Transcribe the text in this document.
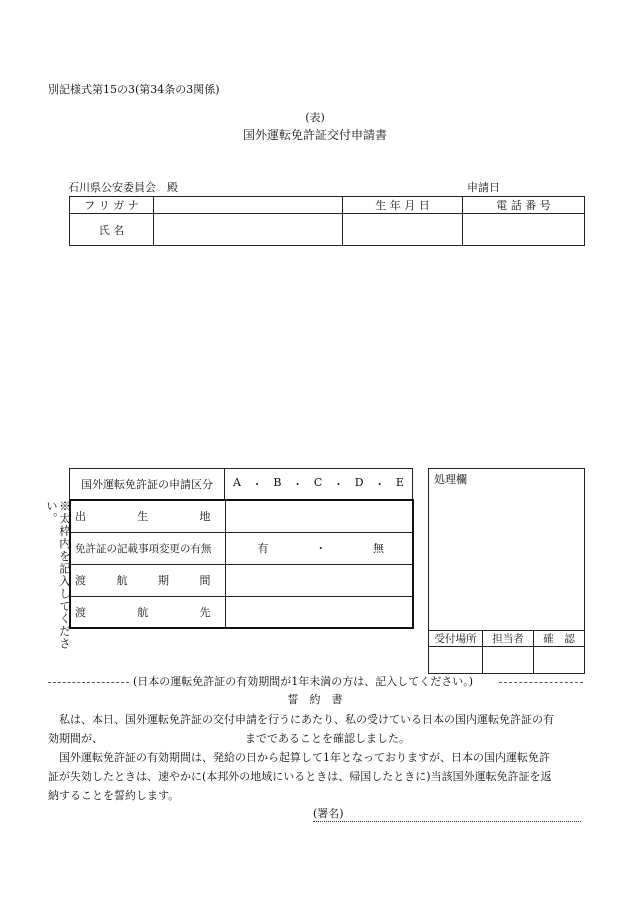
別記様式第15の3(第34条の3関係)
(表)
国外運転免許証交付申請書
石川県公安委員会　殿	申請日
フ リ ガ ナ		生 年 月 日	電 話 番 号
氏 名			
※太枠内を記入してください。
国外運転免許証の申請区分	A ・ B ・ C ・ D ・ E
出 生 地	

免許証の記載事項変更の有無	有 ・ 無

渡 航 期 間	

渡 航 先	

処理欄		
受付場所	担当者	確　認

(日本の運転免許証の有効期間が1年未満の方は、記入してください。)
誓　約　書
私は、本日、国外運転免許証の交付申請を行うにあたり、私の受けている日本の国内運転免許証の有
効期間が、	までであることを確認しました。
国外運転免許証の有効期間は、発給の日から起算して1年となっておりますが、日本の国内運転免許
証が失効したときは、速やかに(本邦外の地域にいるときは、帰国したときに)当該国外運転免許証を返
納することを誓約します。
(署名)
